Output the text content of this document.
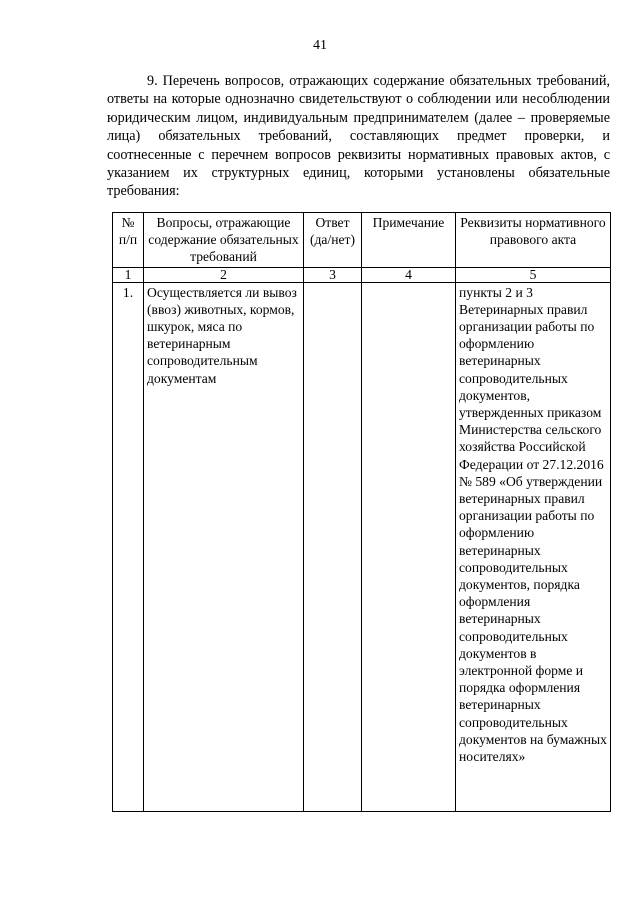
41

9. Перечень вопросов, отражающих содержание обязательных требований, ответы на которые однозначно свидетельствуют о соблюдении или несоблюдении юридическим лицом, индивидуальным предпринимателем (далее – проверяемые лица) обязательных требований, составляющих предмет проверки, и соотнесенные с перечнем вопросов реквизиты нормативных правовых актов, с указанием их структурных единиц, которыми установлены обязательные требования:

№ п/п	Вопросы, отражающие содержание обязательных требований	Ответ (да/нет)	Примечание	Реквизиты нормативного правового акта
1	2	3	4	5
1.	Осуществляется ли вывоз (ввоз) животных, кормов, шкурок, мяса по ветеринарным сопроводительным документам			пункты 2 и 3 Ветеринарных правил организации работы по оформлению ветеринарных сопроводительных документов, утвержденных приказом Министерства сельского хозяйства Российской Федерации от 27.12.2016 № 589 «Об утверждении ветеринарных правил организации работы по оформлению ветеринарных сопроводительных документов, порядка оформления ветеринарных сопроводительных документов в электронной форме и порядка оформления ветеринарных сопроводительных документов на бумажных носителях»
